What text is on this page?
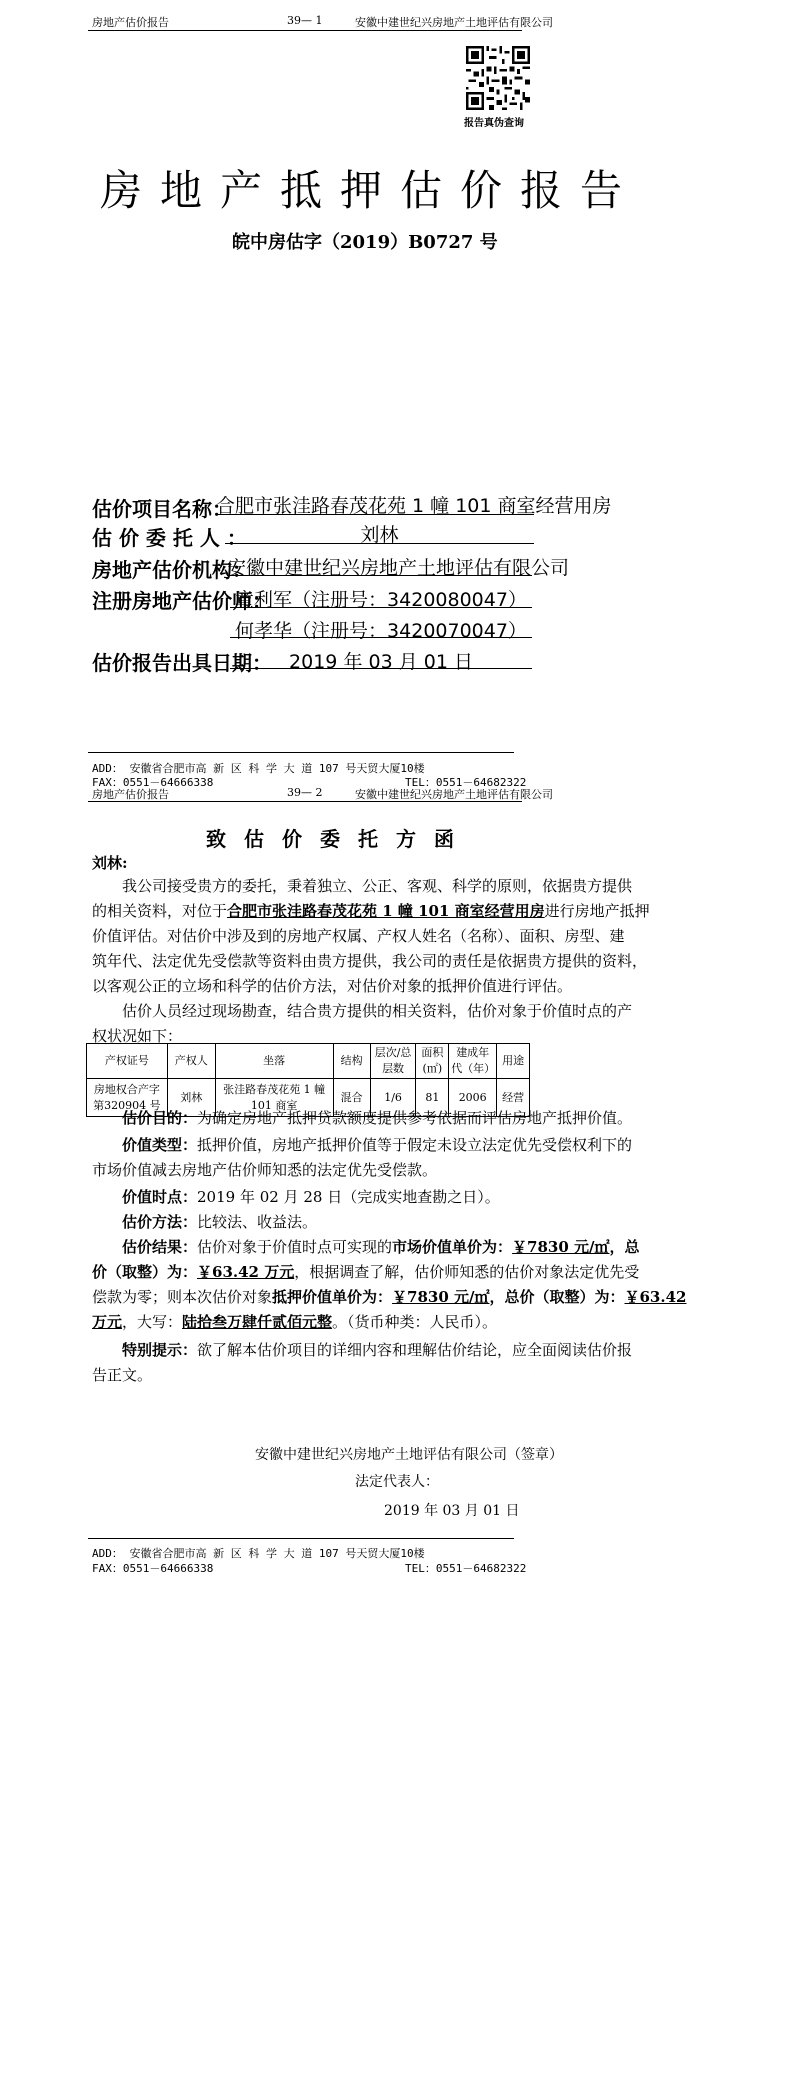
房地产估价报告	39— 1	安徽中建世纪兴房地产土地评估有限公司
报告真伪查询
房地产抵押估价报告
皖中房估字（2019）B0727 号
估价项目名称：
合肥市张洼路春茂花苑 1 幢 101 商室经营用房
估 价 委 托 人 ：	刘林
房地产估价机构：
安徽中建世纪兴房地产土地评估有限公司
注册房地产估价师：
童利军（注册号：3420080047）
何孝华（注册号：3420070047）
估价报告出具日期： 2019 年 03 月 01 日
ADD： 安徽省合肥市高 新 区 科 学 大 道 107 号天贸大厦10楼
FAX：0551－64666338	TEL：0551－64682322
房地产估价报告	39— 2	安徽中建世纪兴房地产土地评估有限公司
致估价委托方函
刘林:
我公司接受贵方的委托，秉着独立、公正、客观、科学的原则，依据贵方提供
的相关资料，对位于合肥市张洼路春茂花苑 1 幢 101 商室经营用房进行房地产抵押
价值评估。对估价中涉及到的房地产权属、产权人姓名（名称）、面积、房型、建
筑年代、法定优先受偿款等资料由贵方提供，我公司的责任是依据贵方提供的资料，
以客观公正的立场和科学的估价方法，对估价对象的抵押价值进行评估。
估价人员经过现场勘查，结合贵方提供的相关资料，估价对象于价值时点的产
权状况如下：
产权证号	产权人	坐落	结构	层次/总层数	面积(㎡)	建成年代（年）	用途
房地权合产字第320904 号	刘林	张洼路春茂花苑 1 幢 101 商室	混合	1/6	81	2006	经营
估价目的：为确定房地产抵押贷款额度提供参考依据而评估房地产抵押价值。
价值类型：抵押价值，房地产抵押价值等于假定未设立法定优先受偿权利下的
市场价值减去房地产估价师知悉的法定优先受偿款。
价值时点：2019 年 02 月 28 日（完成实地查勘之日）。
估价方法：比较法、收益法。
估价结果：估价对象于价值时点可实现的市场价值单价为：￥7830 元/㎡，总
价（取整）为：￥63.42 万元，根据调查了解，估价师知悉的估价对象法定优先受
偿款为零；则本次估价对象抵押价值单价为：￥7830 元/㎡，总价（取整）为：￥63.42
万元，大写：陆拾叁万肆仟贰佰元整。（货币种类：人民币）。
特别提示：欲了解本估价项目的详细内容和理解估价结论，应全面阅读估价报
告正文。
安徽中建世纪兴房地产土地评估有限公司（签章）
法定代表人：
2019 年 03 月 01 日
ADD： 安徽省合肥市高 新 区 科 学 大 道 107 号天贸大厦10楼
FAX：0551－64666338	TEL：0551－64682322
